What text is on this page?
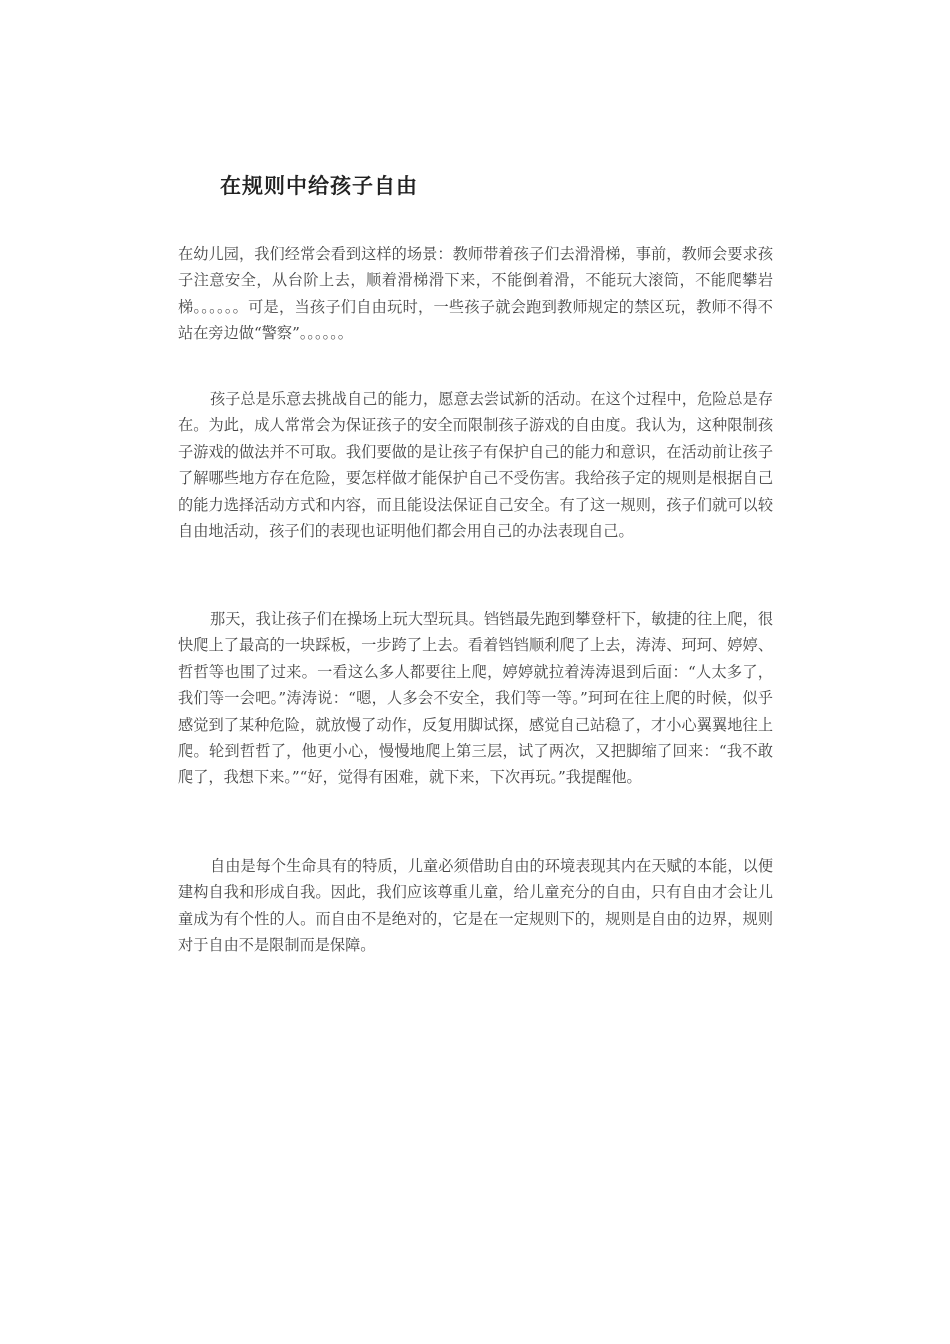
在规则中给孩子自由

在幼儿园，我们经常会看到这样的场景：教师带着孩子们去滑滑梯，事前，教师会要求孩子注意安全，从台阶上去，顺着滑梯滑下来，不能倒着滑，不能玩大滚筒，不能爬攀岩梯。。。。。。可是，当孩子们自由玩时，一些孩子就会跑到教师规定的禁区玩，教师不得不站在旁边做“警察”。。。。。。

孩子总是乐意去挑战自己的能力，愿意去尝试新的活动。在这个过程中，危险总是存在。为此，成人常常会为保证孩子的安全而限制孩子游戏的自由度。我认为，这种限制孩子游戏的做法并不可取。我们要做的是让孩子有保护自己的能力和意识，在活动前让孩子了解哪些地方存在危险，要怎样做才能保护自己不受伤害。我给孩子定的规则是根据自己的能力选择活动方式和内容，而且能设法保证自己安全。有了这一规则，孩子们就可以较自由地活动，孩子们的表现也证明他们都会用自己的办法表现自己。

那天，我让孩子们在操场上玩大型玩具。铛铛最先跑到攀登杆下，敏捷的往上爬，很快爬上了最高的一块踩板，一步跨了上去。看着铛铛顺利爬了上去，涛涛、珂珂、婷婷、哲哲等也围了过来。一看这么多人都要往上爬，婷婷就拉着涛涛退到后面：“人太多了，我们等一会吧。”涛涛说：“嗯，人多会不安全，我们等一等。”珂珂在往上爬的时候，似乎感觉到了某种危险，就放慢了动作，反复用脚试探，感觉自己站稳了，才小心翼翼地往上爬。轮到哲哲了，他更小心，慢慢地爬上第三层，试了两次，又把脚缩了回来：“我不敢爬了，我想下来。”“好，觉得有困难，就下来，下次再玩。”我提醒他。

自由是每个生命具有的特质，儿童必须借助自由的环境表现其内在天赋的本能，以便建构自我和形成自我。因此，我们应该尊重儿童，给儿童充分的自由，只有自由才会让儿童成为有个性的人。而自由不是绝对的，它是在一定规则下的，规则是自由的边界，规则对于自由不是限制而是保障。
